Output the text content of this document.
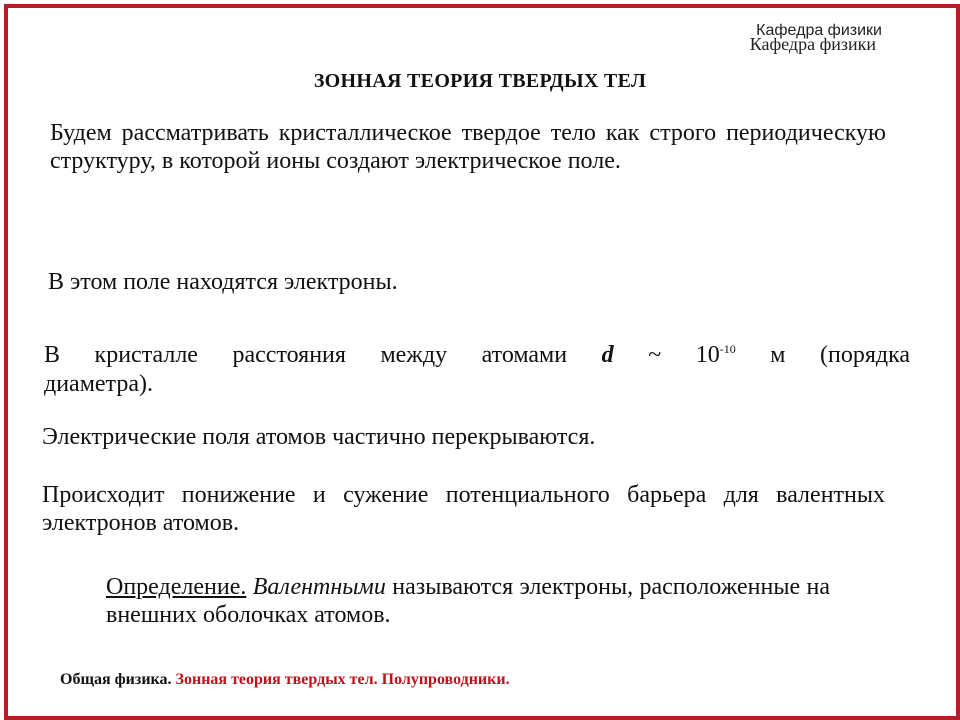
Кафедра физики
Кафедра физики
ЗОННАЯ ТЕОРИЯ ТВЕРДЫХ ТЕЛ
Будем рассматривать кристаллическое твердое тело как строго периодическую структуру, в которой ионы создают электрическое поле.
В этом поле находятся электроны.
В кристалле расстояния между атомами d ~ $10^{-10}$ м (порядка
диаметра).
Электрические поля атомов частично перекрываются.
Происходит понижение и сужение потенциального барьера для валентных электронов атомов.
Определение. Валентными называются электроны, расположенные на внешних оболочках атомов.
Общая физика. Зонная теория твердых тел. Полупроводники.
